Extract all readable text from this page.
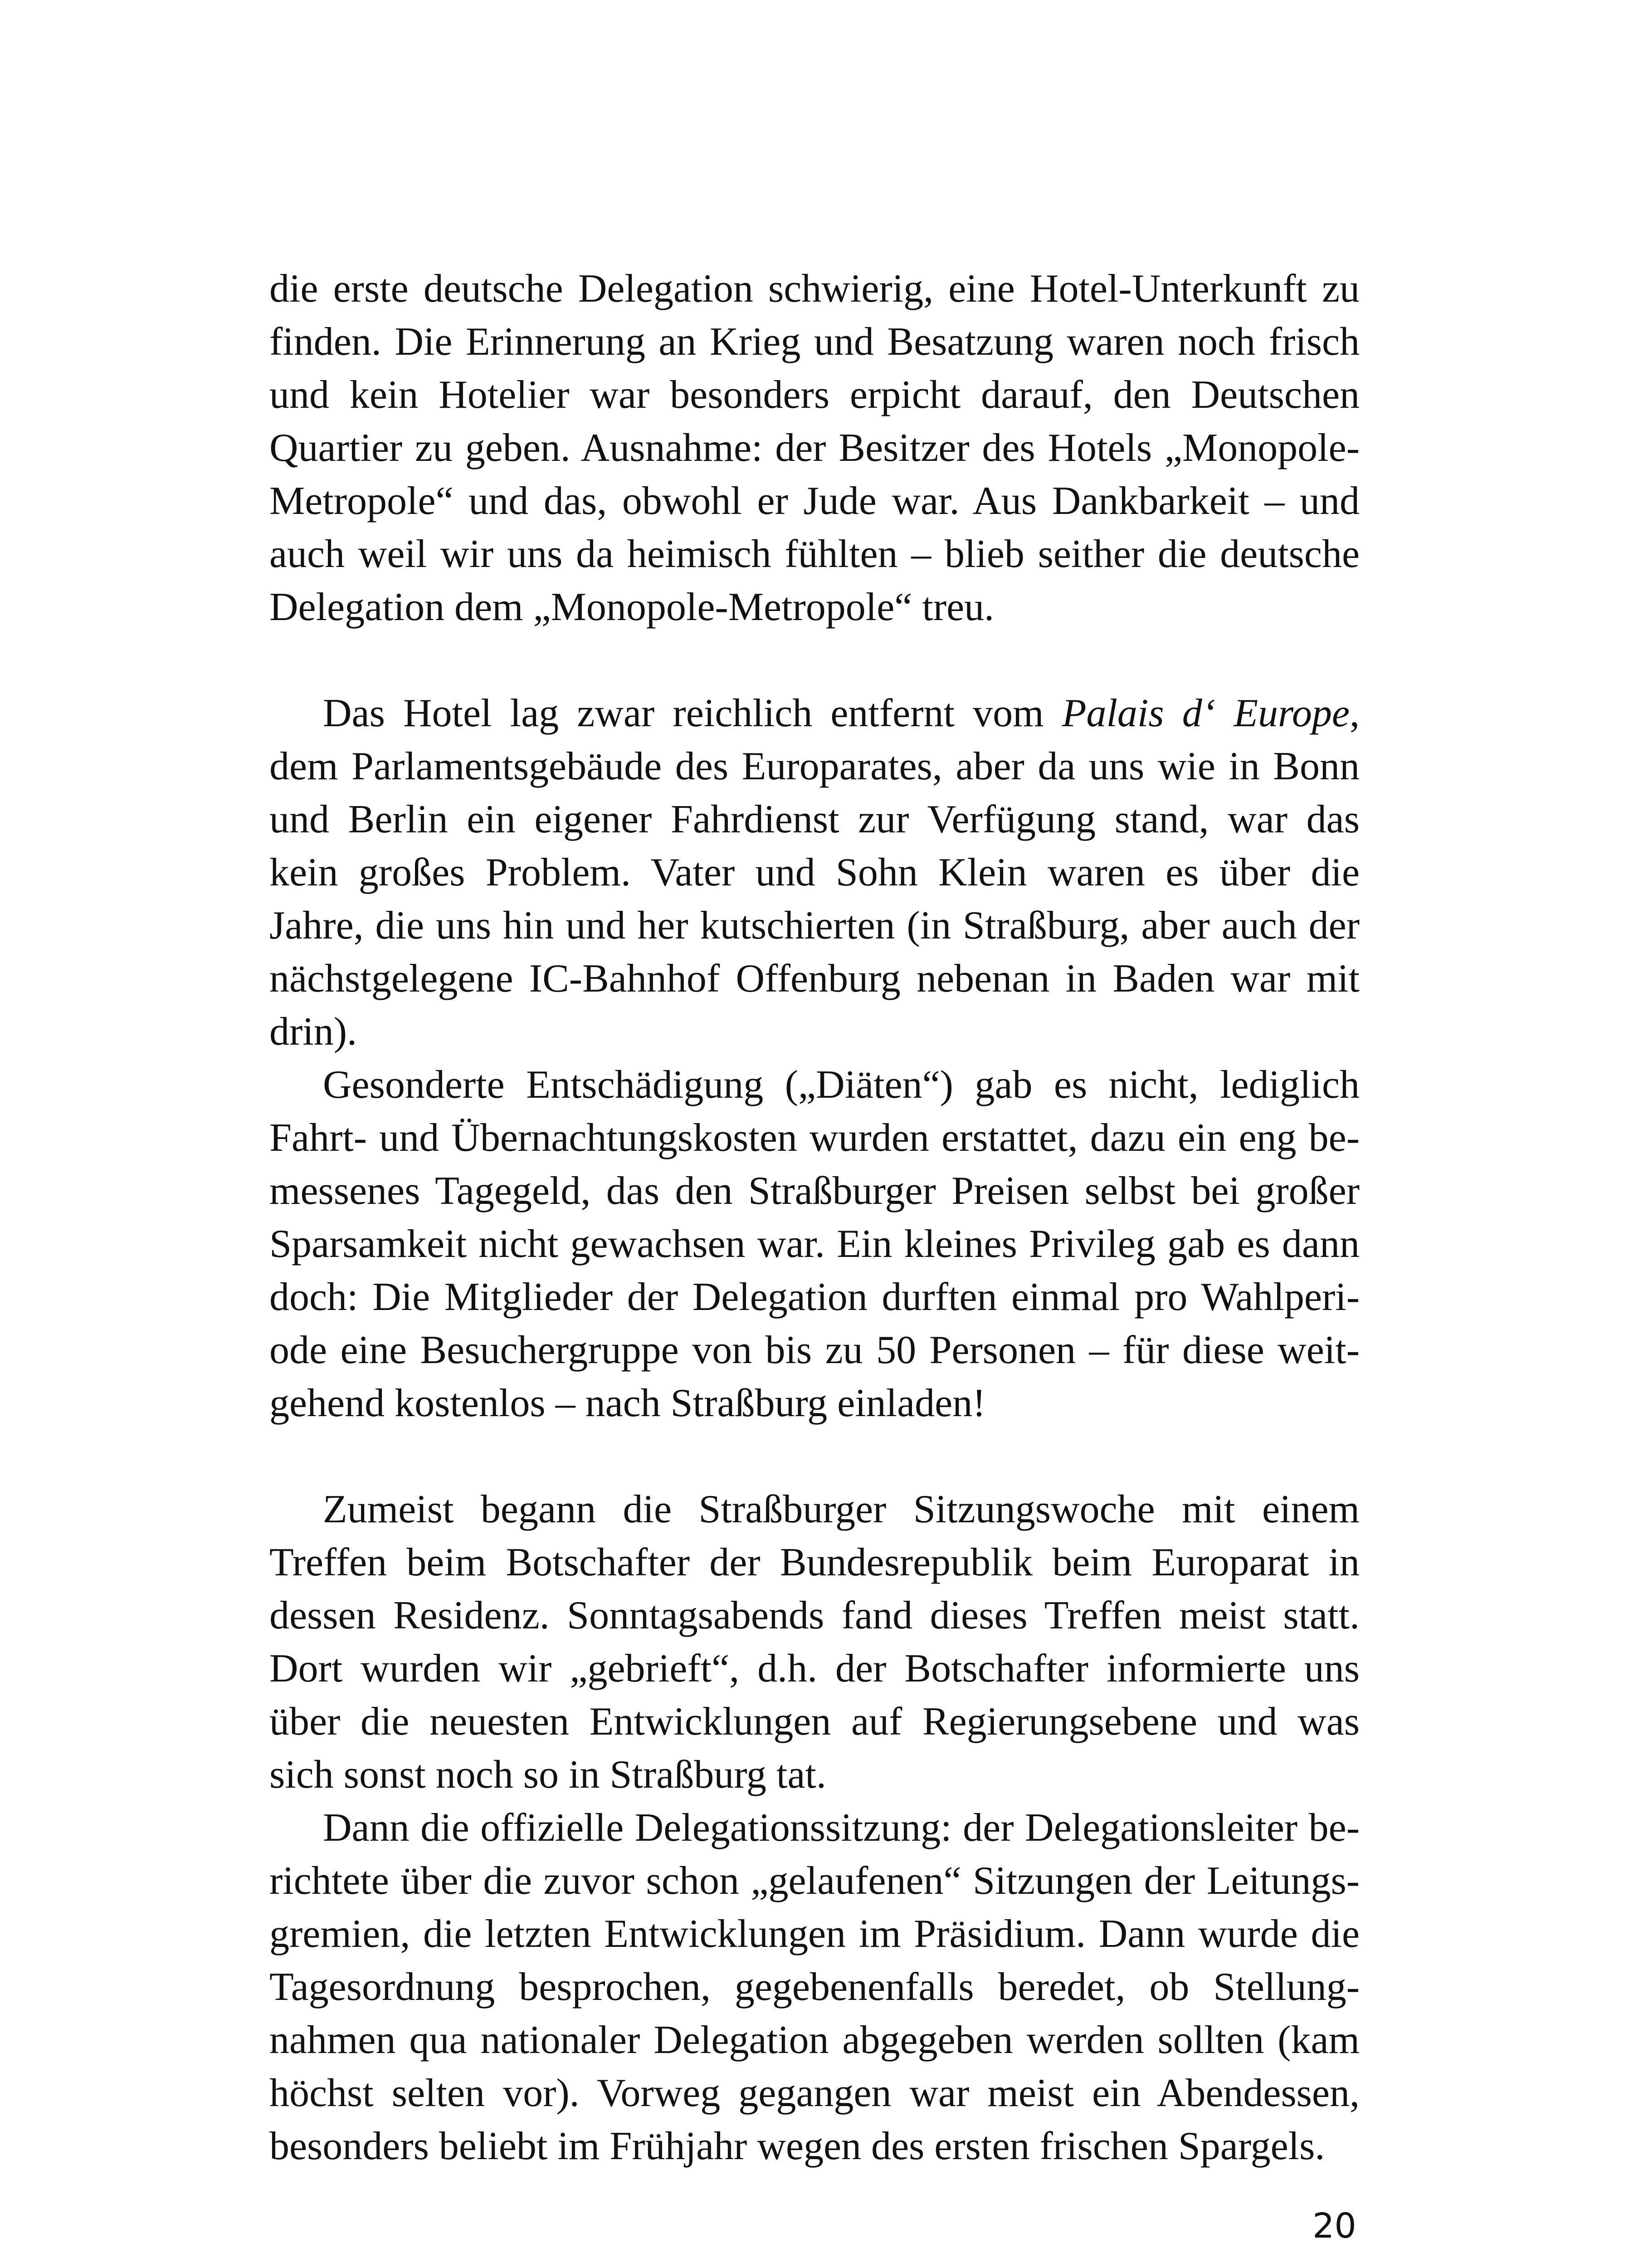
die erste deutsche Delegation schwierig, eine Hotel-Unterkunft zu
finden. Die Erinnerung an Krieg und Besatzung waren noch frisch
und kein Hotelier war besonders erpicht darauf, den Deutschen
Quartier zu geben. Ausnahme: der Besitzer des Hotels „Monopole-
Metropole“ und das, obwohl er Jude war. Aus Dankbarkeit – und
auch weil wir uns da heimisch fühlten – blieb seither die deutsche
Delegation dem „Monopole-Metropole“ treu.
Das Hotel lag zwar reichlich entfernt vom Palais d‘ Europe,
dem Parlamentsgebäude des Europarates, aber da uns wie in Bonn
und Berlin ein eigener Fahrdienst zur Verfügung stand, war das
kein großes Problem. Vater und Sohn Klein waren es über die
Jahre, die uns hin und her kutschierten (in Straßburg, aber auch der
nächstgelegene IC-Bahnhof Offenburg nebenan in Baden war mit
drin).
Gesonderte Entschädigung („Diäten“) gab es nicht, lediglich
Fahrt- und Übernachtungskosten wurden erstattet, dazu ein eng be-
messenes Tagegeld, das den Straßburger Preisen selbst bei großer
Sparsamkeit nicht gewachsen war. Ein kleines Privileg gab es dann
doch: Die Mitglieder der Delegation durften einmal pro Wahlperi-
ode eine Besuchergruppe von bis zu 50 Personen – für diese weit-
gehend kostenlos – nach Straßburg einladen!
Zumeist begann die Straßburger Sitzungswoche mit einem
Treffen beim Botschafter der Bundesrepublik beim Europarat in
dessen Residenz. Sonntagsabends fand dieses Treffen meist statt.
Dort wurden wir „gebrieft“, d.h. der Botschafter informierte uns
über die neuesten Entwicklungen auf Regierungsebene und was
sich sonst noch so in Straßburg tat.
Dann die offizielle Delegationssitzung: der Delegationsleiter be-
richtete über die zuvor schon „gelaufenen“ Sitzungen der Leitungs-
gremien, die letzten Entwicklungen im Präsidium. Dann wurde die
Tagesordnung besprochen, gegebenenfalls beredet, ob Stellung-
nahmen qua nationaler Delegation abgegeben werden sollten (kam
höchst selten vor). Vorweg gegangen war meist ein Abendessen,
besonders beliebt im Frühjahr wegen des ersten frischen Spargels.
20
